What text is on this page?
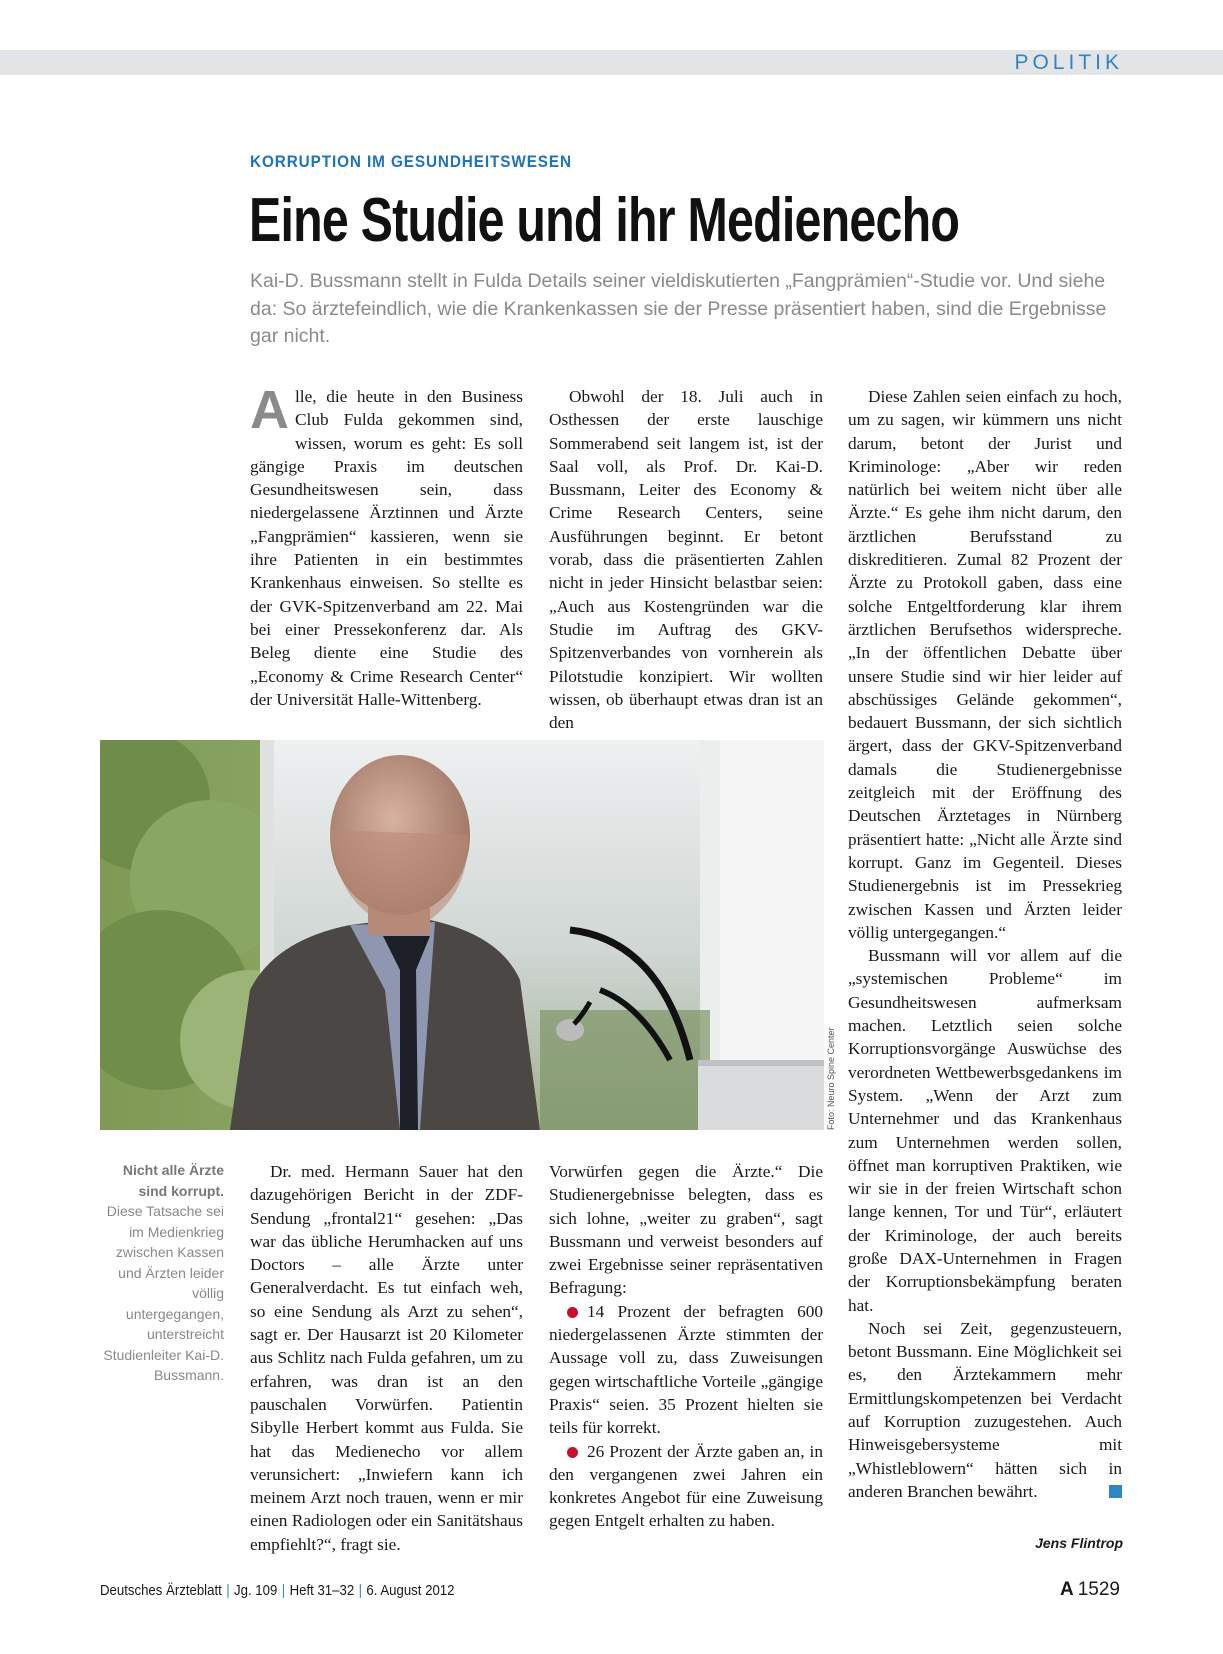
POLITIK
KORRUPTION IM GESUNDHEITSWESEN
Eine Studie und ihr Medienecho

Kai-D. Bussmann stellt in Fulda Details seiner vieldiskutierten „Fangprämien“-Studie vor. Und siehe da: So ärztefeindlich, wie die Krankenkassen sie der Presse präsentiert haben, sind die Ergebnisse gar nicht.

Alle, die heute in den Business Club Fulda gekommen sind, wissen, worum es geht: Es soll gängige Praxis im deutschen Gesundheitswesen sein, dass niedergelassene Ärztinnen und Ärzte „Fangprämien“ kassieren, wenn sie ihre Patienten in ein bestimmtes Krankenhaus einweisen. So stellte es der GVK-Spitzenverband am 22. Mai bei einer Pressekonferenz dar. Als Beleg diente eine Studie des „Economy & Crime Research Center“ der Universität Halle-Wittenberg.

Obwohl der 18. Juli auch in Osthessen der erste lauschige Sommerabend seit langem ist, ist der Saal voll, als Prof. Dr. Kai-D. Bussmann, Leiter des Economy & Crime Research Centers, seine Ausführungen beginnt. Er betont vorab, dass die präsentierten Zahlen nicht in jeder Hinsicht belastbar seien: „Auch aus Kostengründen war die Studie im Auftrag des GKV-Spitzenverbandes von vornherein als Pilotstudie konzipiert. Wir wollten wissen, ob überhaupt etwas dran ist an den

Diese Zahlen seien einfach zu hoch, um zu sagen, wir kümmern uns nicht darum, betont der Jurist und Kriminologe: „Aber wir reden natürlich bei weitem nicht über alle Ärzte.“ Es gehe ihm nicht darum, den ärztlichen Berufsstand zu diskreditieren. Zumal 82 Prozent der Ärzte zu Protokoll gaben, dass eine solche Entgeltforderung klar ihrem ärztlichen Berufsethos widerspreche. „In der öffentlichen Debatte über unsere Studie sind wir hier leider auf abschüssiges Gelände gekommen“, bedauert Bussmann, der sich sichtlich ärgert, dass der GKV-Spitzenverband damals die Studienergebnisse zeitgleich mit der Eröffnung des Deutschen Ärztetages in Nürnberg präsentiert hatte: „Nicht alle Ärzte sind korrupt. Ganz im Gegenteil. Dieses Studienergebnis ist im Pressekrieg zwischen Kassen und Ärzten leider völlig untergegangen.“

Bussmann will vor allem auf die „systemischen Probleme“ im Gesundheitswesen aufmerksam machen. Letztlich seien solche Korruptionsvorgänge Auswüchse des verordneten Wettbewerbsgedankens im System. „Wenn der Arzt zum Unternehmer und das Krankenhaus zum Unternehmen werden sollen, öffnet man korruptiven Praktiken, wie wir sie in der freien Wirtschaft schon lange kennen, Tor und Tür“, erläutert der Kriminologe, der auch bereits große DAX-Unternehmen in Fragen der Korruptionsbekämpfung beraten hat.

Noch sei Zeit, gegenzusteuern, betont Bussmann. Eine Möglichkeit sei es, den Ärztekammern mehr Ermittlungskompetenzen bei Verdacht auf Korruption zuzugestehen. Auch Hinweisgebersysteme mit „Whistleblowern“ hätten sich in anderen Branchen bewährt.

Jens Flintrop
Foto: Neuro Spine Center
Nicht alle Ärzte sind korrupt.
Diese Tatsache sei im Medienkrieg zwischen Kassen und Ärzten leider völlig untergegangen, unterstreicht Studienleiter Kai-D. Bussmann.

Dr. med. Hermann Sauer hat den dazugehörigen Bericht in der ZDF-Sendung „frontal21“ gesehen: „Das war das übliche Herumhacken auf uns Doctors – alle Ärzte unter Generalverdacht. Es tut einfach weh, so eine Sendung als Arzt zu sehen“, sagt er. Der Hausarzt ist 20 Kilometer aus Schlitz nach Fulda gefahren, um zu erfahren, was dran ist an den pauschalen Vorwürfen. Patientin Sibylle Herbert kommt aus Fulda. Sie hat das Medienecho vor allem verunsichert: „Inwiefern kann ich meinem Arzt noch trauen, wenn er mir einen Radiologen oder ein Sanitätshaus empfiehlt?“, fragt sie.

Vorwürfen gegen die Ärzte.“ Die Studienergebnisse belegten, dass es sich lohne, „weiter zu graben“, sagt Bussmann und verweist besonders auf zwei Ergebnisse seiner repräsentativen Befragung:

14 Prozent der befragten 600 niedergelassenen Ärzte stimmten der Aussage voll zu, dass Zuweisungen gegen wirtschaftliche Vorteile „gängige Praxis“ seien. 35 Prozent hielten sie teils für korrekt.

26 Prozent der Ärzte gaben an, in den vergangenen zwei Jahren ein konkretes Angebot für eine Zuweisung gegen Entgelt erhalten zu haben.

Deutsches Ärzteblatt | Jg. 109 | Heft 31–32 | 6. August 2012	A 1529
